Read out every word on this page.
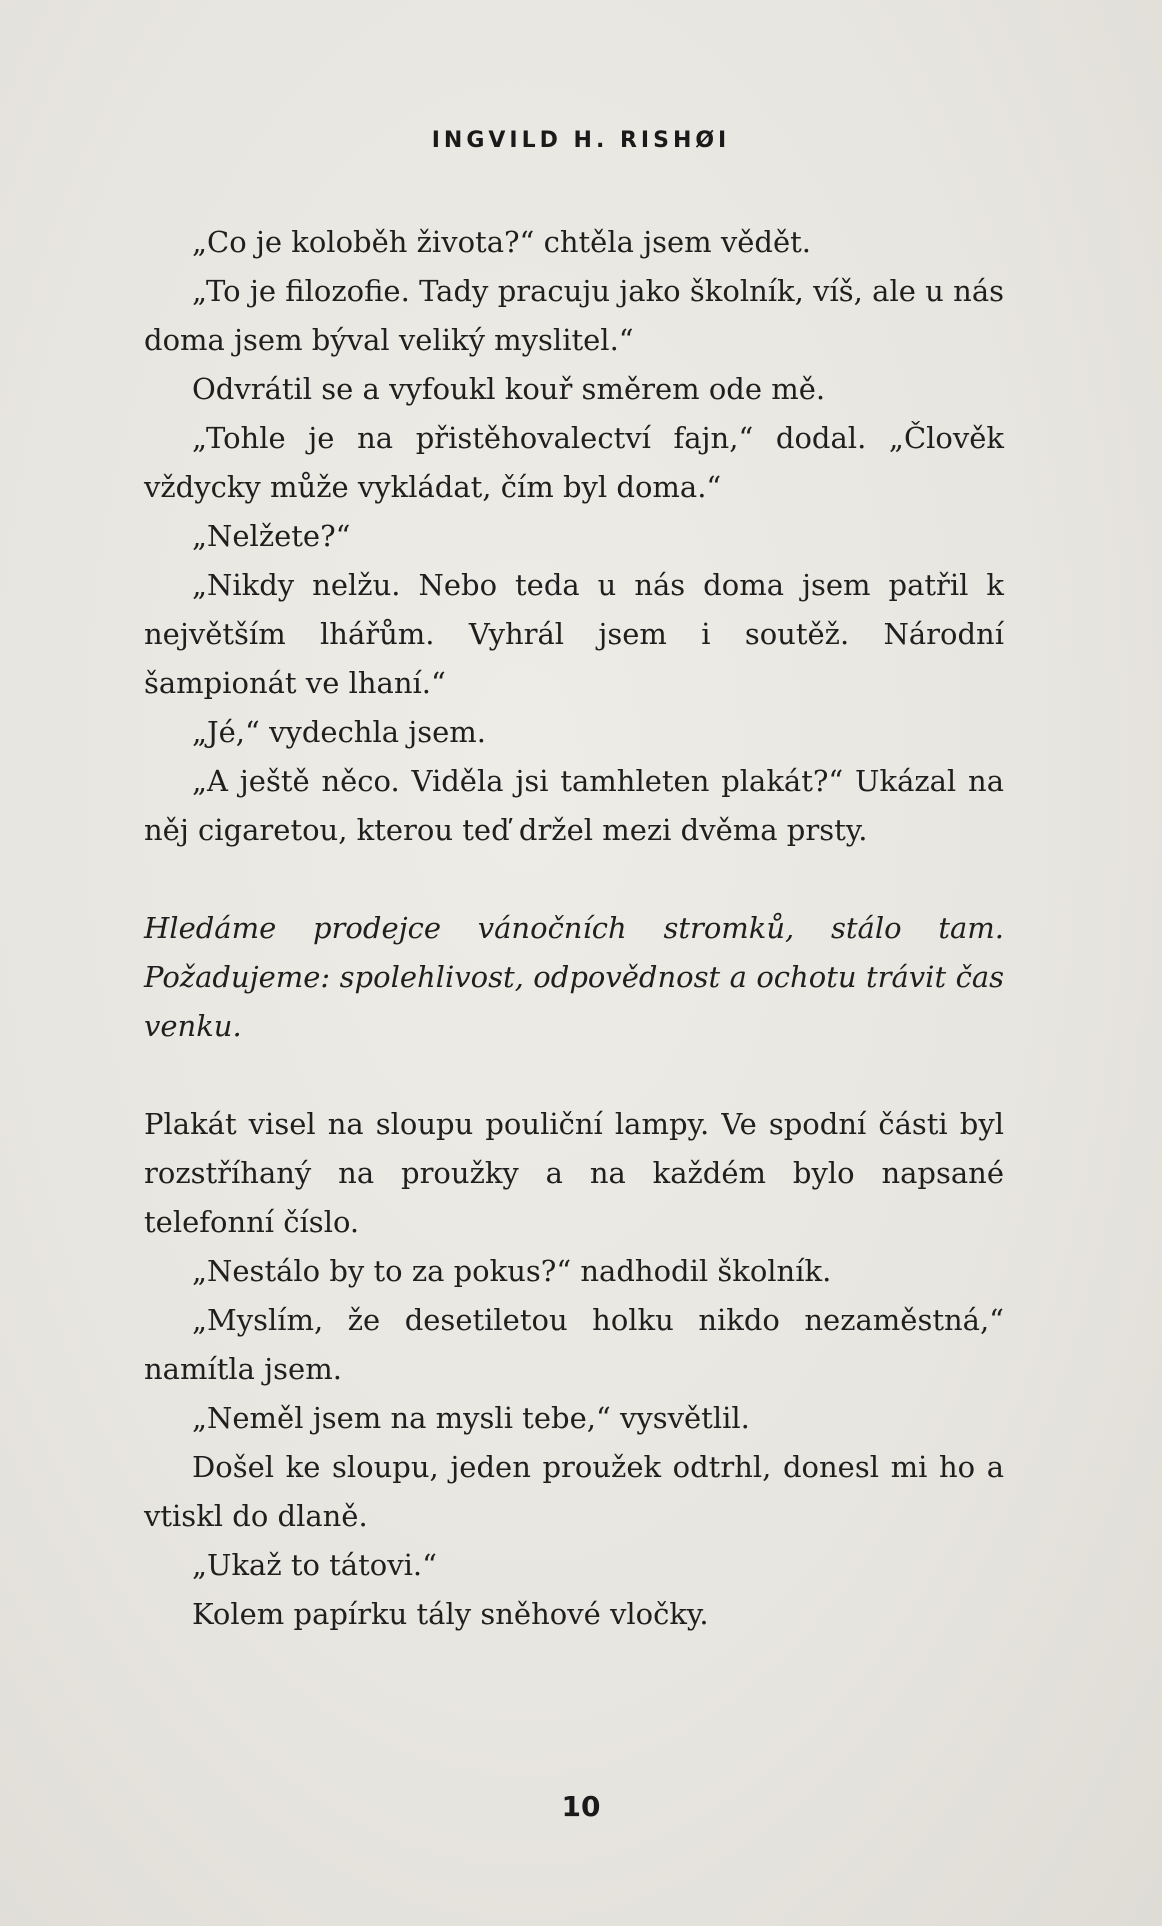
INGVILD H. RISHØI

„Co je koloběh života?“ chtěla jsem vědět.

„To je filozofie. Tady pracuju jako školník, víš, ale u nás doma jsem býval veliký myslitel.“

Odvrátil se a vyfoukl kouř směrem ode mě.

„Tohle je na přistěhovalectví fajn,“ dodal. „Člověk vždycky může vykládat, čím byl doma.“

„Nelžete?“

„Nikdy nelžu. Nebo teda u nás doma jsem patřil k největším lhářům. Vyhrál jsem i soutěž. Národní šampionát ve lhaní.“

„Jé,“ vydechla jsem.

„A ještě něco. Viděla jsi tamhleten plakát?“ Ukázal na něj cigaretou, kterou teď držel mezi dvěma prsty.

Hledáme prodejce vánočních stromků, stálo tam. Požadujeme: spolehlivost, odpovědnost a ochotu trávit čas venku.

Plakát visel na sloupu pouliční lampy. Ve spodní části byl rozstříhaný na proužky a na každém bylo napsané telefonní číslo.

„Nestálo by to za pokus?“ nadhodil školník.

„Myslím, že desetiletou holku nikdo nezaměstná,“ namítla jsem.

„Neměl jsem na mysli tebe,“ vysvětlil.

Došel ke sloupu, jeden proužek odtrhl, donesl mi ho a vtiskl do dlaně.

„Ukaž to tátovi.“

Kolem papírku tály sněhové vločky.

10
